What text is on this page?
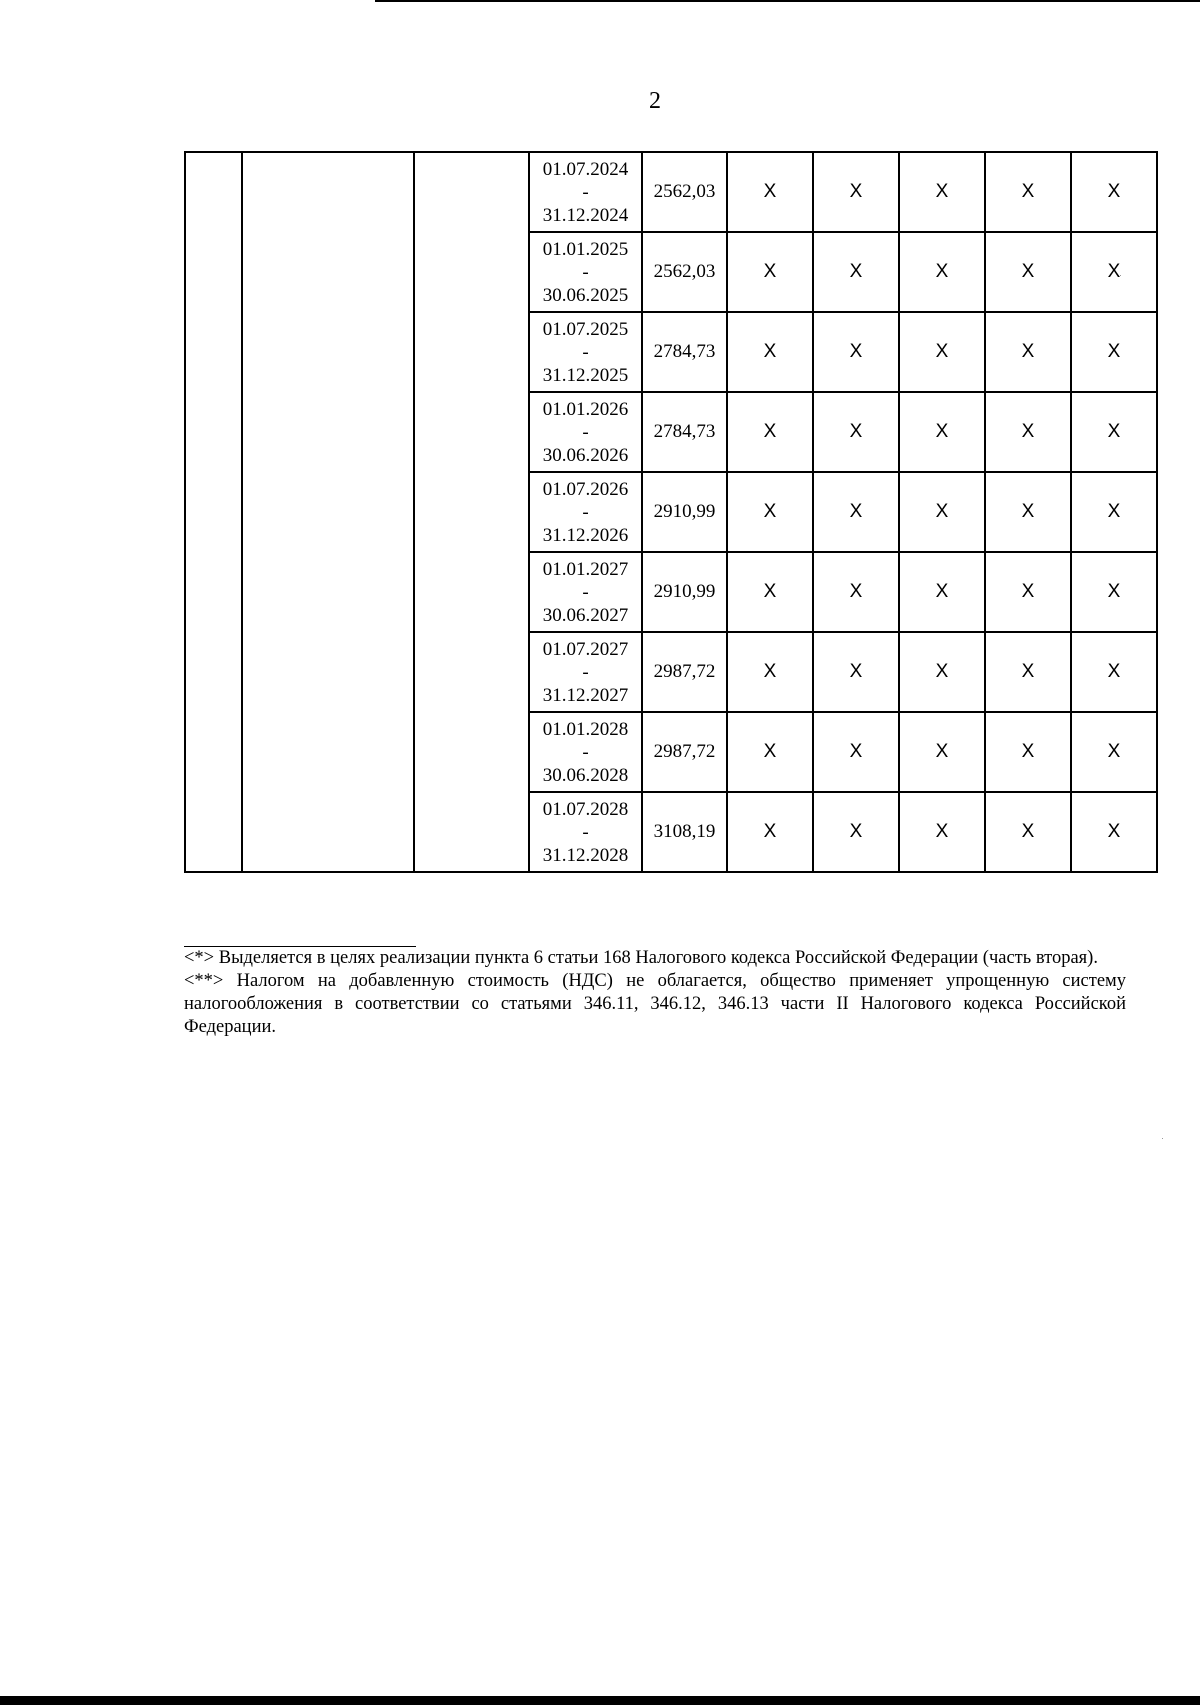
2

			01.07.2024
-
31.12.2024	2562,03	X	X	X	X	X

			01.01.2025
-
30.06.2025	2562,03	X	X	X	X	X

			01.07.2025
-
31.12.2025	2784,73	X	X	X	X	X

			01.01.2026
-
30.06.2026	2784,73	X	X	X	X	X

			01.07.2026
-
31.12.2026	2910,99	X	X	X	X	X

			01.01.2027
-
30.06.2027	2910,99	X	X	X	X	X

			01.07.2027
-
31.12.2027	2987,72	X	X	X	X	X

			01.01.2028
-
30.06.2028	2987,72	X	X	X	X	X

			01.07.2028
-
31.12.2028	3108,19	X	X	X	X	X

<*> Выделяется в целях реализации пункта 6 статьи 168 Налогового кодекса Российской Федерации (часть вторая).

<**> Налогом на добавленную стоимость (НДС) не облагается, общество применяет упрощенную систему налогообложения в соответствии со статьями 346.11, 346.12, 346.13 части II Налогового кодекса Российской Федерации.
